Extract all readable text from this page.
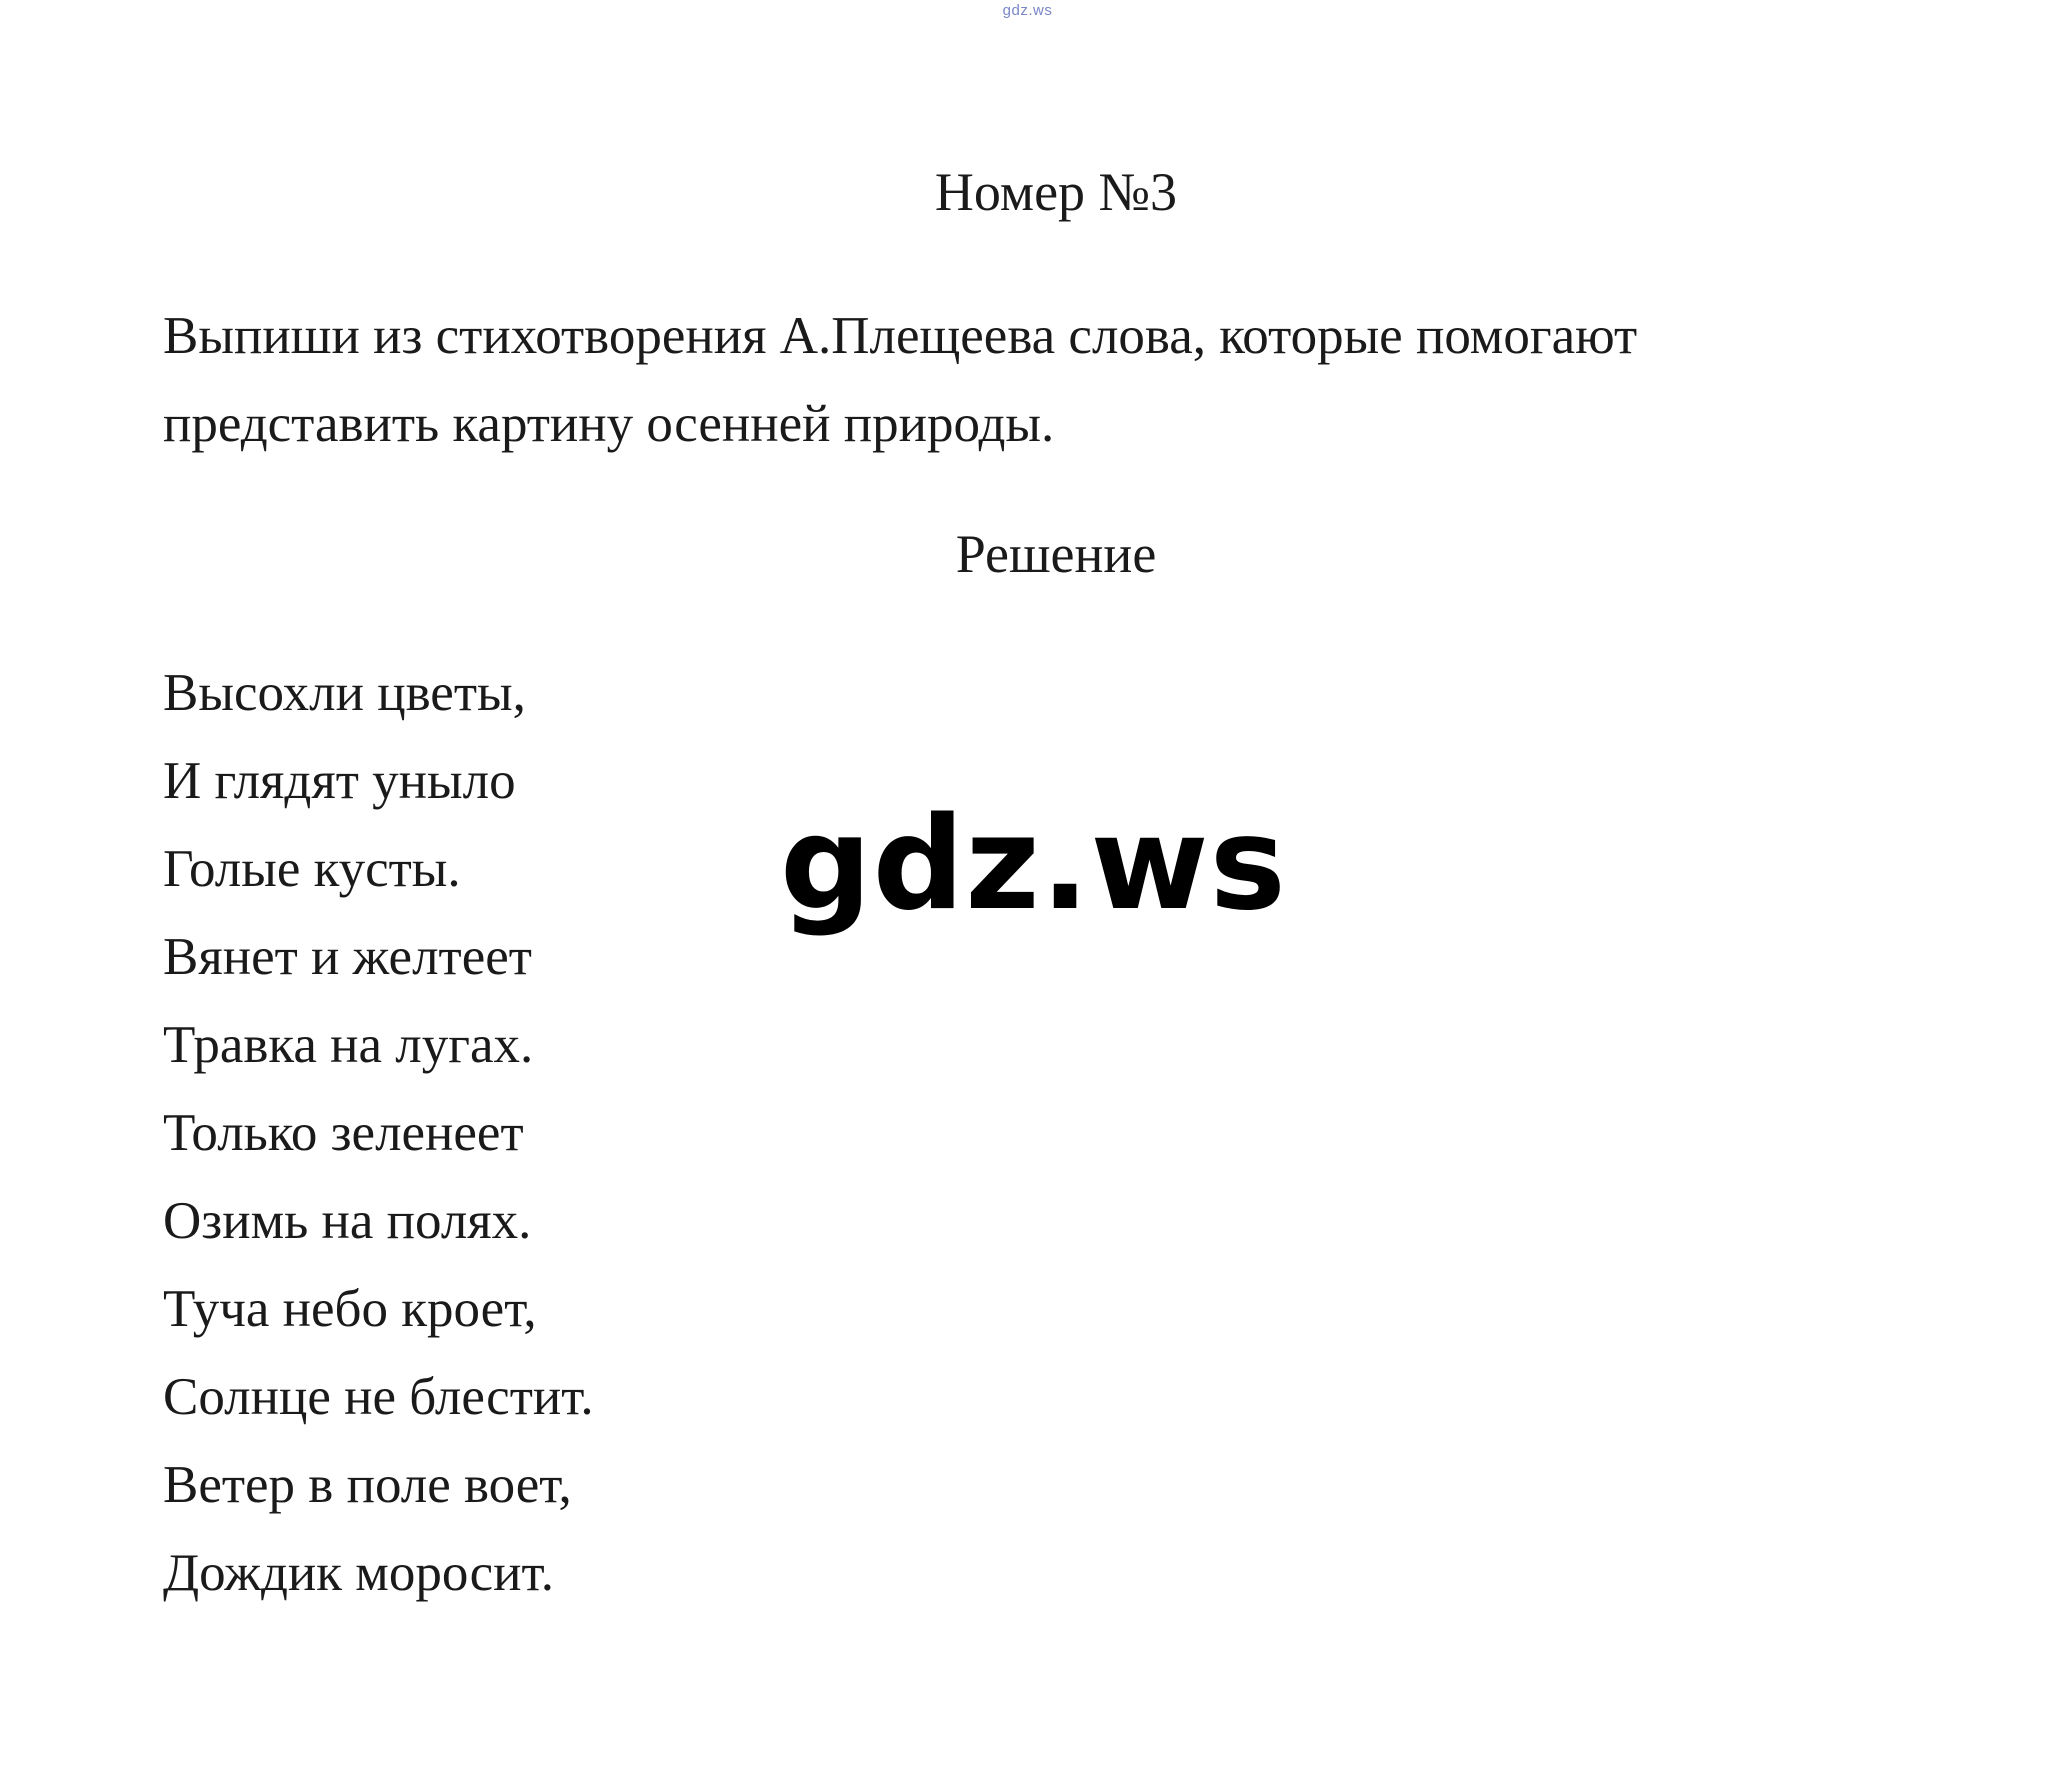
gdz.ws
Номер №3
Выпиши из стихотворения А.Плещеева слова, которые помогают
представить картину осенней природы.
Решение
Высохли цветы,
И глядят уныло
Голые кусты.
Вянет и желтеет
Травка на лугах.
Только зеленеет
Озимь на полях.
Туча небо кроет,
Солнце не блестит.
Ветер в поле воет,
Дождик моросит.
gdz.ws
